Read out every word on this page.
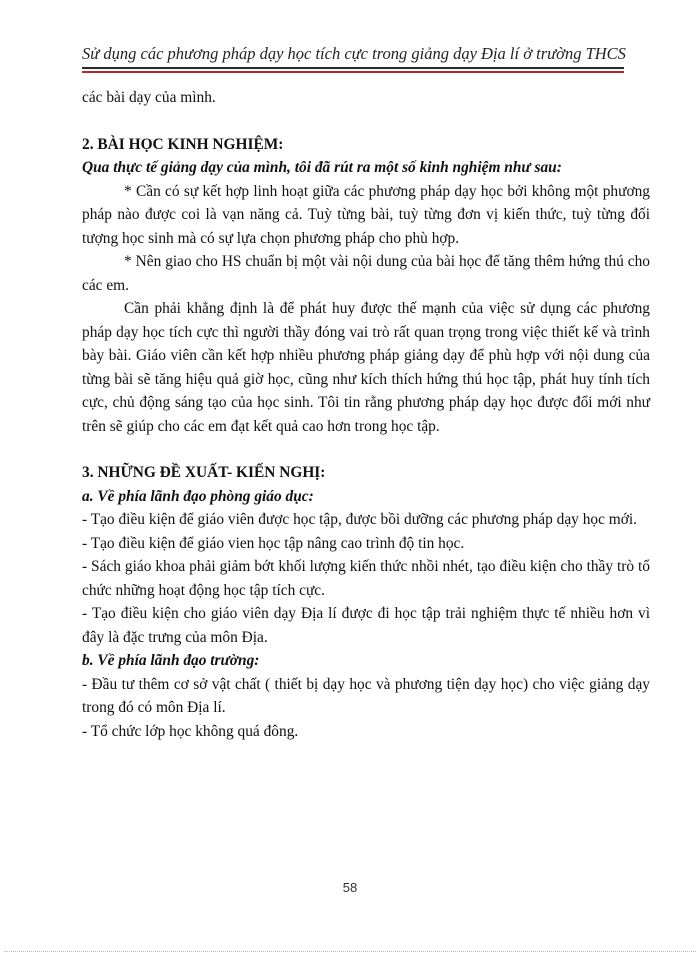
Sử dụng các phương pháp dạy học tích cực trong giảng dạy Địa lí ở trường THCS

các bài dạy của mình.

2. BÀI HỌC KINH NGHIỆM:

Qua thực tế giảng dạy của mình, tôi đã rút ra một số kinh nghiệm như sau:

* Cần có sự kết hợp linh hoạt giữa các phương pháp dạy học bởi không một phương pháp nào được coi là vạn năng cả. Tuỳ từng bài, tuỳ từng đơn vị kiến thức, tuỳ từng đối tượng học sinh mà có sự lựa chọn phương pháp cho phù hợp.

* Nên giao cho HS chuẩn bị một vài nội dung của bài học để tăng thêm hứng thú cho các em.

Cần phải khẳng định là để phát huy được thế mạnh của việc sử dụng các phương pháp dạy học tích cực thì người thầy đóng vai trò rất quan trọng trong việc thiết kế và trình bày bài. Giáo viên cần kết hợp nhiều phương pháp giảng dạy để phù hợp với nội dung của từng bài sẽ tăng hiệu quả giờ học, cũng như kích thích hứng thú học tập, phát huy tính tích cực, chủ động sáng tạo của học sinh. Tôi tin rằng phương pháp dạy học được đổi mới như trên sẽ giúp cho các em đạt kết quả cao hơn trong học tập.

3. NHỮNG ĐỀ XUẤT- KIẾN NGHỊ:

a. Về phía lãnh đạo phòng giáo dục:

- Tạo điều kiện để giáo viên được học tập, được bồi dưỡng các phương pháp dạy học mới.

- Tạo điều kiện để giáo vien học tập nâng cao trình độ tin học.

- Sách giáo khoa phải giảm bớt khối lượng kiến thức nhồi nhét, tạo điều kiện cho thầy trò tổ chức những hoạt động học tập tích cực.

- Tạo điều kiện cho giáo viên dạy Địa lí được đi học tập trải nghiệm thực tế nhiều hơn vì đây là đặc trưng của môn Địa.

b. Về phía lãnh đạo trường:

- Đầu tư thêm cơ sở vật chất ( thiết bị dạy học và phương tiện dạy học) cho việc giảng dạy trong đó có môn Địa lí.

- Tổ chức lớp học không quá đông.

58
